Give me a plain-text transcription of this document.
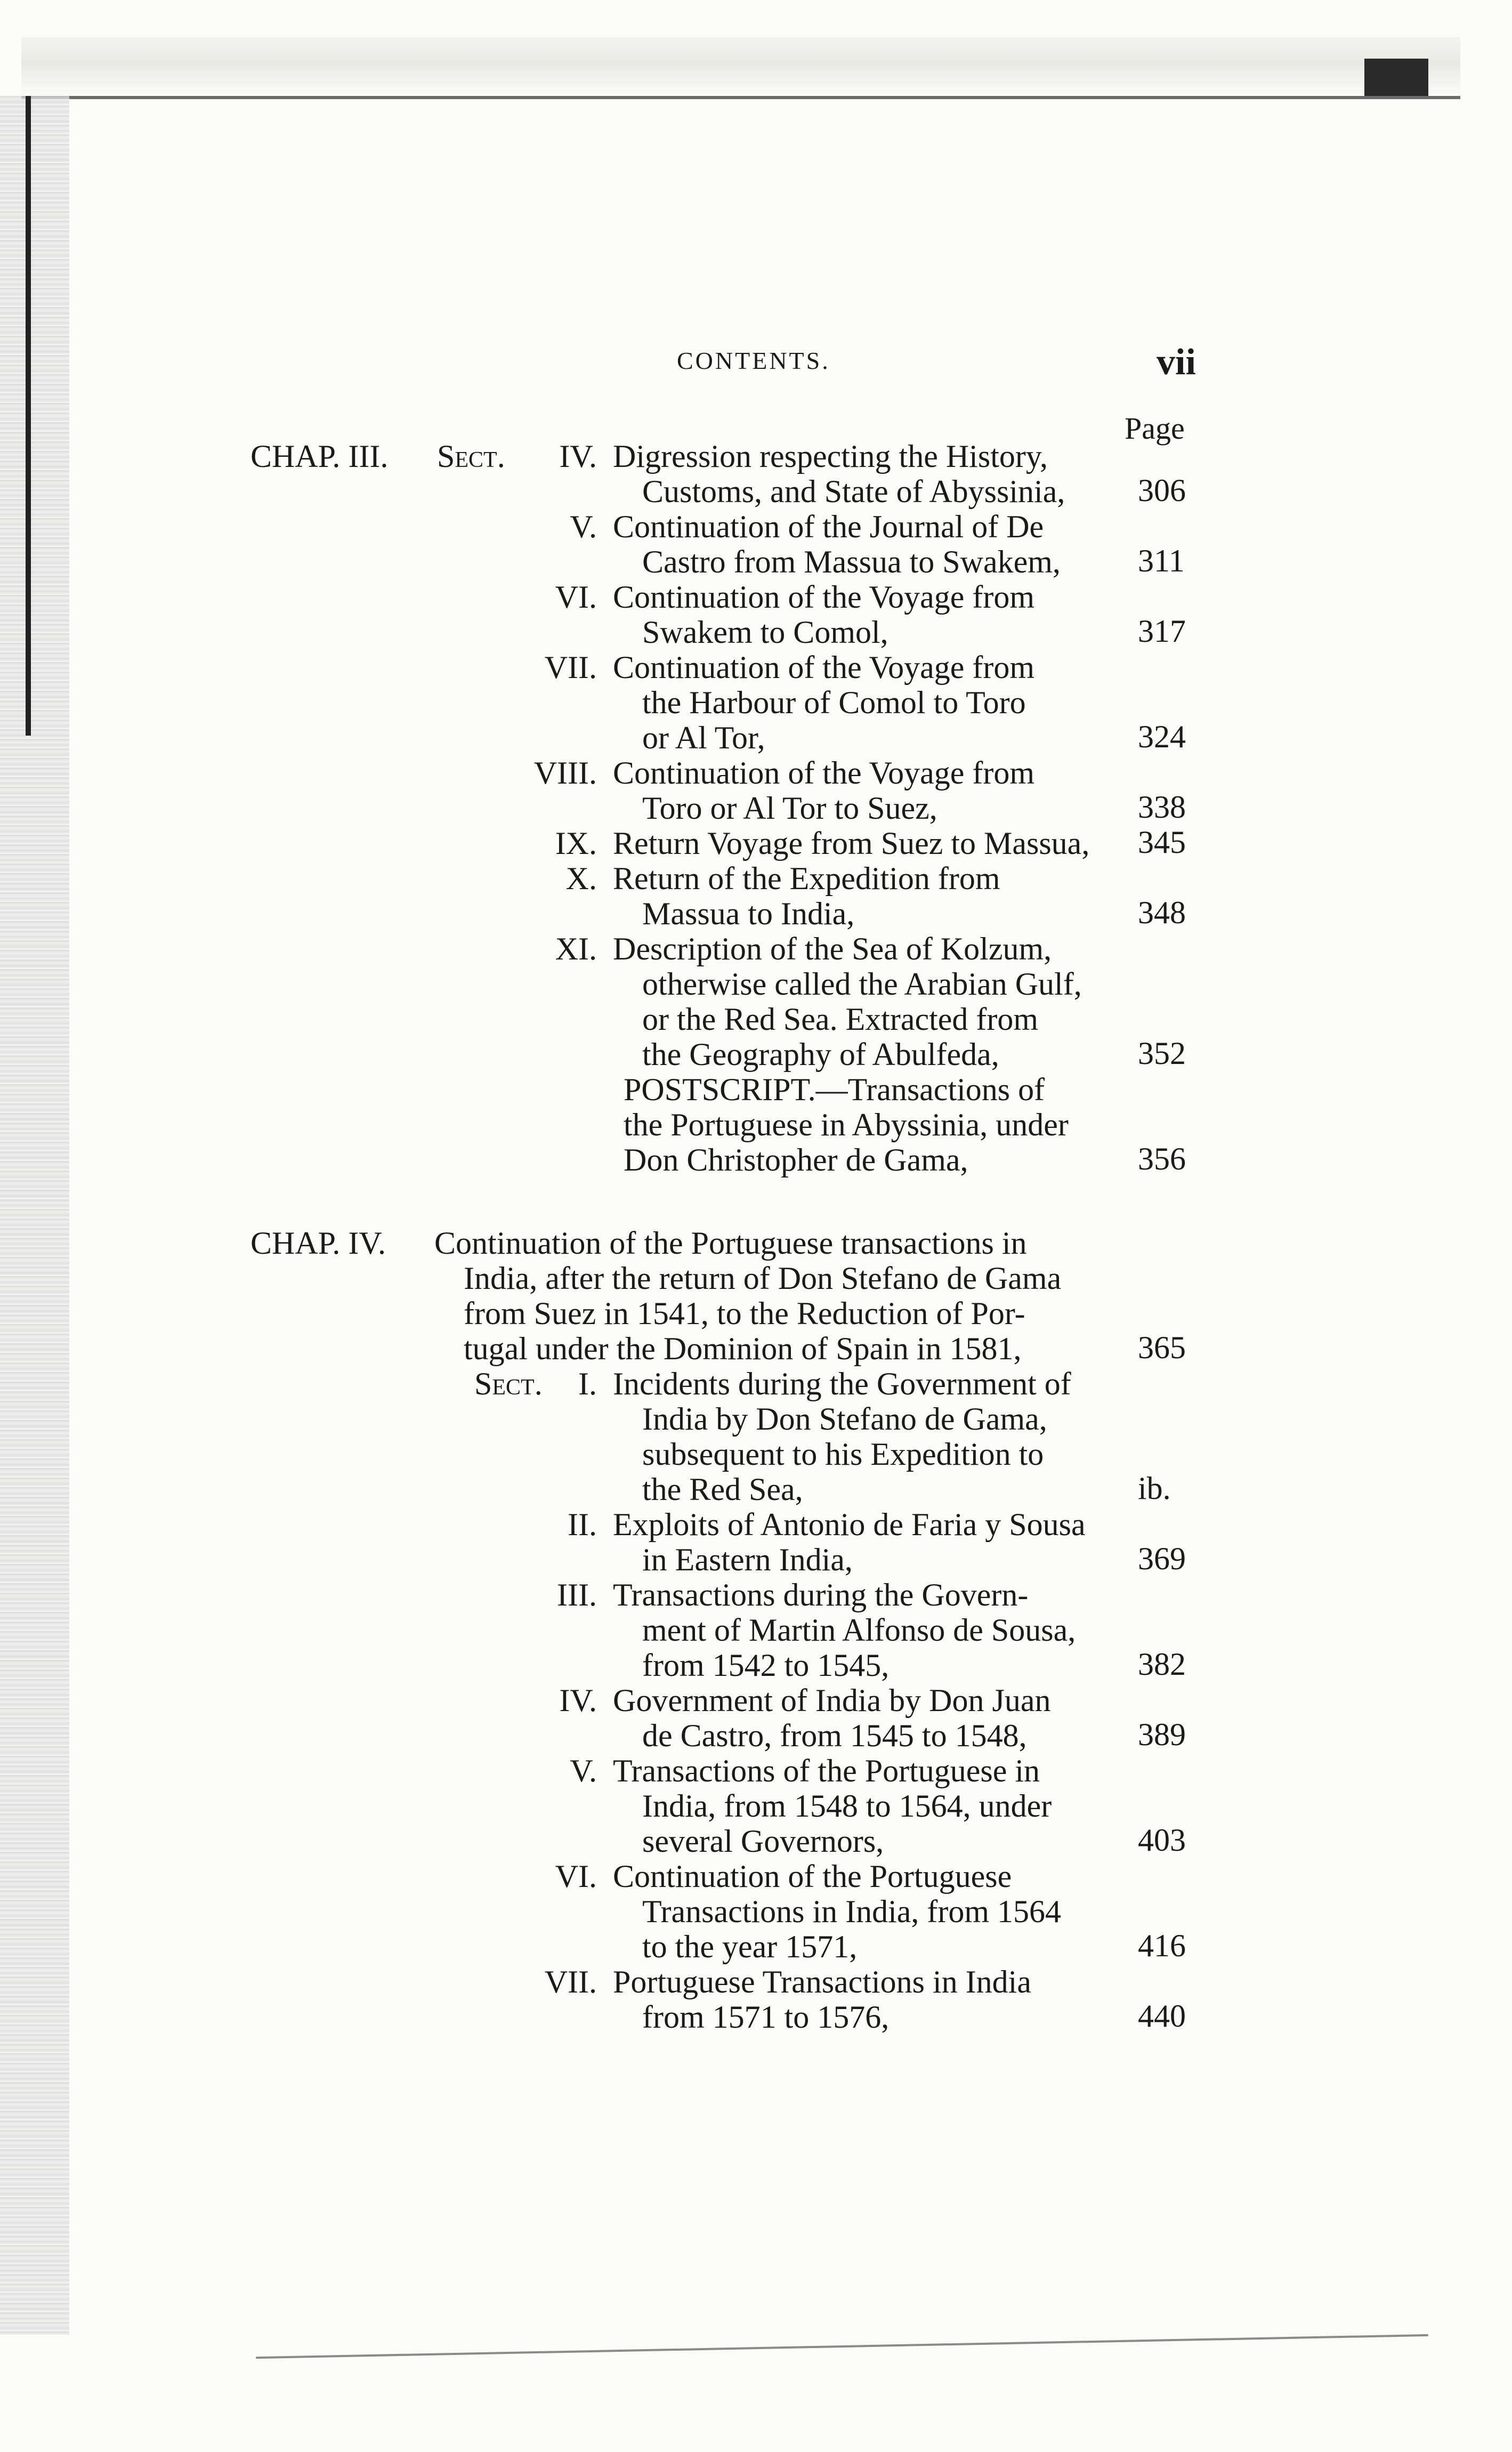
CONTENTS.	vii
Page
CHAP. III. Sect.	IV. Digression respecting the History,
Customs, and State of Abyssinia, 306
V. Continuation of the Journal of De
Castro from Massua to Swakem, 311
VI. Continuation of the Voyage from
Swakem to Comol,	317
VII. Continuation of the Voyage from
the Harbour of Comol to Toro
or Al Tor,	324
VIII. Continuation of the Voyage from
Toro or Al Tor to Suez,	338
IX. Return Voyage from Suez to Massua, 345
X. Return of the Expedition from
Massua to India,	348
XI. Description of the Sea of Kolzum,
otherwise called the Arabian Gulf,
or the Red Sea. Extracted from
the Geography of Abulfeda,	352
POSTSCRIPT.—Transactions of
the Portuguese in Abyssinia, under
Don Christopher de Gama,	356
CHAP. IV. Continuation of the Portuguese transactions in
India, after the return of Don Stefano de Gama
from Suez in 1541, to the Reduction of Por-
tugal under the Dominion of Spain in 1581,	365
Sect.	I. Incidents during the Government of
India by Don Stefano de Gama,
subsequent to his Expedition to
the Red Sea,	ib.
II. Exploits of Antonio de Faria y Sousa
in Eastern India,	369
III. Transactions during the Govern-
ment of Martin Alfonso de Sousa,
from 1542 to 1545,	382
IV. Government of India by Don Juan
de Castro, from 1545 to 1548,	389
V. Transactions of the Portuguese in
India, from 1548 to 1564, under
several Governors,	403
VI. Continuation of the Portuguese
Transactions in India, from 1564
to the year 1571,	416
VII. Portuguese Transactions in India
from 1571 to 1576,	440
